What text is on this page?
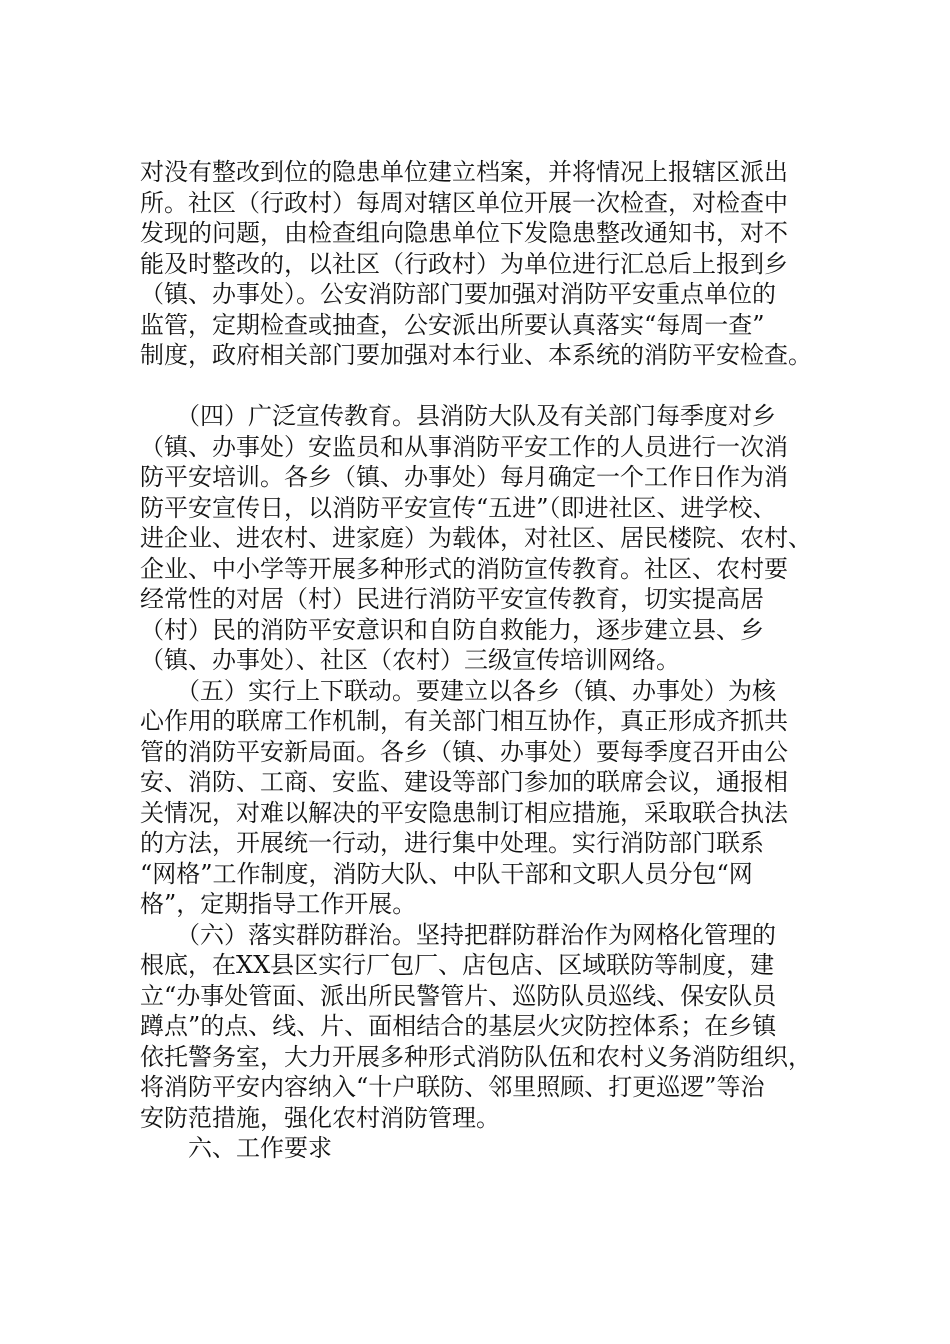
对没有整改到位的隐患单位建立档案，并将情况上报辖区派出
所。社区（行政村）每周对辖区单位开展一次检查，对检查中
发现的问题，由检查组向隐患单位下发隐患整改通知书，对不
能及时整改的，以社区（行政村）为单位进行汇总后上报到乡
（镇、办事处）。公安消防部门要加强对消防平安重点单位的
监管，定期检查或抽查，公安派出所要认真落实“每周一查”
制度，政府相关部门要加强对本行业、本系统的消防平安检查。
　　（四）广泛宣传教育。县消防大队及有关部门每季度对乡
（镇、办事处）安监员和从事消防平安工作的人员进行一次消
防平安培训。各乡（镇、办事处）每月确定一个工作日作为消
防平安宣传日，以消防平安宣传“五进”（即进社区、进学校、
进企业、进农村、进家庭）为载体，对社区、居民楼院、农村、
企业、中小学等开展多种形式的消防宣传教育。社区、农村要
经常性的对居（村）民进行消防平安宣传教育，切实提高居
（村）民的消防平安意识和自防自救能力，逐步建立县、乡
（镇、办事处）、社区（农村）三级宣传培训网络。
　　（五）实行上下联动。要建立以各乡（镇、办事处）为核
心作用的联席工作机制，有关部门相互协作，真正形成齐抓共
管的消防平安新局面。各乡（镇、办事处）要每季度召开由公
安、消防、工商、安监、建设等部门参加的联席会议，通报相
关情况，对难以解决的平安隐患制订相应措施，采取联合执法
的方法，开展统一行动，进行集中处理。实行消防部门联系
“网格”工作制度，消防大队、中队干部和文职人员分包“网
格”，定期指导工作开展。
　　（六）落实群防群治。坚持把群防群治作为网格化管理的
根底，在XX县区实行厂包厂、店包店、区域联防等制度，建
立“办事处管面、派出所民警管片、巡防队员巡线、保安队员
蹲点”的点、线、片、面相结合的基层火灾防控体系；在乡镇
依托警务室，大力开展多种形式消防队伍和农村义务消防组织，
将消防平安内容纳入“十户联防、邻里照顾、打更巡逻”等治
安防范措施，强化农村消防管理。
　　六、工作要求
